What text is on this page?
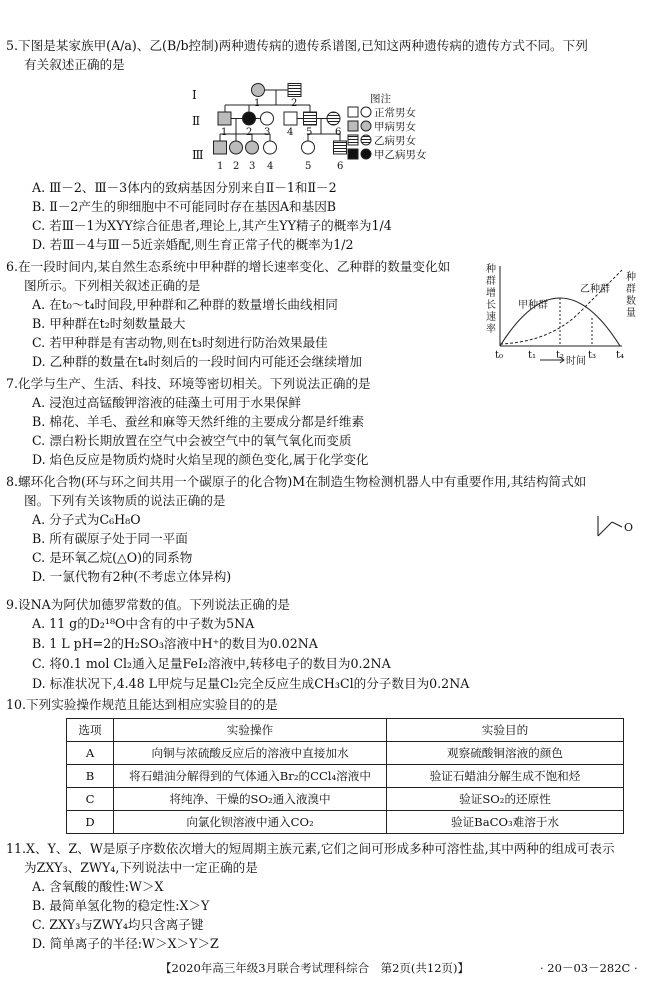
5.下图是某家族甲(A/a)、乙(B/b控制)两种遗传病的遗传系谱图,已知这两种遗传病的遗传方式不同。下列
有关叙述正确的是
Ⅰ
Ⅱ
Ⅲ
1	2
1 2 3 4 5 6
1 2 3 4	5	6
图注
正常男女
甲病男女
乙病男女
甲乙病男女
A. Ⅲ－2、Ⅲ－3体内的致病基因分别来自Ⅱ－1和Ⅱ－2
B. Ⅱ－2产生的卵细胞中不可能同时存在基因A和基因B
C. 若Ⅲ－1为XYY综合征患者,理论上,其产生YY精子的概率为1/4
D. 若Ⅲ－4与Ⅲ－5近亲婚配,则生育正常子代的概率为1/2
6.在一段时间内,某自然生态系统中甲种群的增长速率变化、乙种群的数量变化如
图所示。下列相关叙述正确的是
A. 在t₀～t₄时间段,甲种群和乙种群的数量增长曲线相同
B. 甲种群在t₂时刻数量最大
C. 若甲种群是有害动物,则在t₃时刻进行防治效果最佳
D. 乙种群的数量在t₄时刻后的一段时间内可能还会继续增加
种
群
增
长
速
率
种
群
数
量
甲种群
乙种群
t₀ t₁ t₂ t₃ t₄
时间
7.化学与生产、生活、科技、环境等密切相关。下列说法正确的是
A. 浸泡过高锰酸钾溶液的硅藻土可用于水果保鲜
B. 棉花、羊毛、蚕丝和麻等天然纤维的主要成分都是纤维素
C. 漂白粉长期放置在空气中会被空气中的氧气氧化而变质
D. 焰色反应是物质灼烧时火焰呈现的颜色变化,属于化学变化
8.螺环化合物(环与环之间共用一个碳原子的化合物)M在制造生物检测机器人中有重要作用,其结构简式如
图。下列有关该物质的说法正确的是
A. 分子式为C₆H₈O
B. 所有碳原子处于同一平面
C. 是环氧乙烷(△O)的同系物
D. 一氯代物有2种(不考虑立体异构)
O
9.设NA为阿伏加德罗常数的值。下列说法正确的是
A. 11 g的D₂¹⁸O中含有的中子数为5NA
B. 1 L pH=2的H₂SO₃溶液中H⁺的数目为0.02NA
C. 将0.1 mol Cl₂通入足量FeI₂溶液中,转移电子的数目为0.2NA
D. 标准状况下,4.48 L甲烷与足量Cl₂完全反应生成CH₃Cl的分子数目为0.2NA
10.下列实验操作规范且能达到相应实验目的的是
选项	实验操作	实验目的
A	向铜与浓硫酸反应后的溶液中直接加水	观察硫酸铜溶液的颜色
B	将石蜡油分解得到的气体通入Br₂的CCl₄溶液中	验证石蜡油分解生成不饱和烃
C	将纯净、干燥的SO₂通入液溴中	验证SO₂的还原性
D	向氯化钡溶液中通入CO₂	验证BaCO₃难溶于水
11.X、Y、Z、W是原子序数依次增大的短周期主族元素,它们之间可形成多种可溶性盐,其中两种的组成可表示
为ZXY₃、ZWY₄,下列说法中一定正确的是
A. 含氧酸的酸性:W＞X
B. 最简单氢化物的稳定性:X＞Y
C. ZXY₃与ZWY₄均只含离子键
D. 简单离子的半径:W＞X＞Y＞Z
【2020年高三年级3月联合考试理科综合　第2页(共12页)】	· 20－03－282C ·
